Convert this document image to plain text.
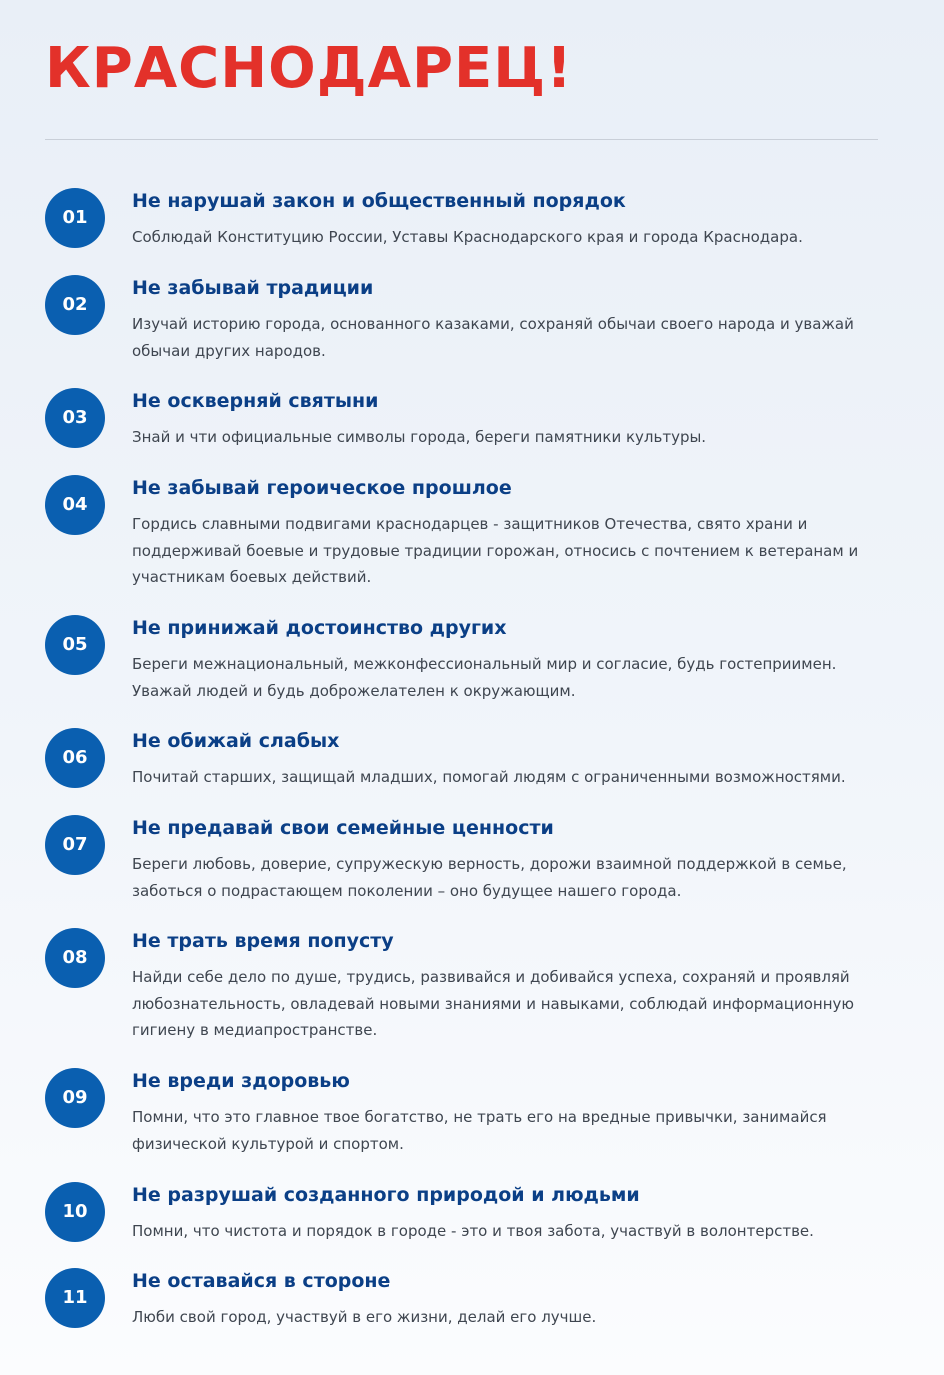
КРАСНОДАРЕЦ!
01
Не нарушай закон и общественный порядок

Соблюдай Конституцию России, Уставы Краснодарского края и города Краснодара.

02
Не забывай традиции

Изучай историю города, основанного казаками, сохраняй обычаи своего народа и уважай обычаи других народов.

03
Не оскверняй святыни

Знай и чти официальные символы города, береги памятники культуры.

04
Не забывай героическое прошлое

Гордись славными подвигами краснодарцев - защитников Отечества, свято храни и поддерживай боевые и трудовые традиции горожан, относись с почтением к ветеранам и участникам боевых действий.

05
Не принижай достоинство других

Береги межнациональный, межконфессиональный мир и согласие, будь гостеприимен. Уважай людей и будь доброжелателен к окружающим.

06
Не обижай слабых

Почитай старших, защищай младших, помогай людям с ограниченными возможностями.

07
Не предавай свои семейные ценности

Береги любовь, доверие, супружескую верность, дорожи взаимной поддержкой в семье, заботься о подрастающем поколении – оно будущее нашего города.

08
Не трать время попусту

Найди себе дело по душе, трудись, развивайся и добивайся успеха, сохраняй и проявляй любознательность, овладевай новыми знаниями и навыками, соблюдай информационную гигиену в медиапространстве.

09
Не вреди здоровью

Помни, что это главное твое богатство, не трать его на вредные привычки, занимайся физической культурой и спортом.

10
Не разрушай созданного природой и людьми

Помни, что чистота и порядок в городе - это и твоя забота, участвуй в волонтерстве.

11
Не оставайся в стороне

Люби свой город, участвуй в его жизни, делай его лучше.
